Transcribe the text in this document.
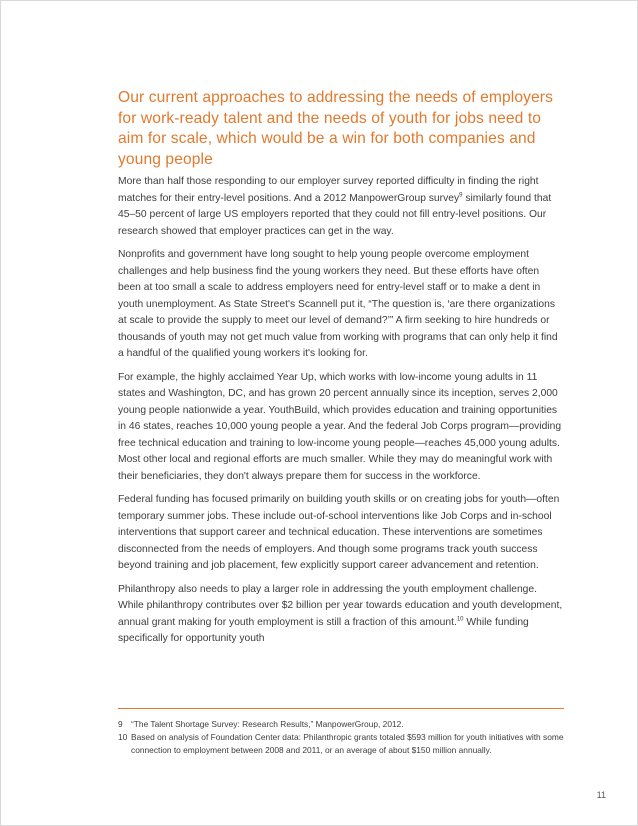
Our current approaches to addressing the needs of employers for work-ready talent and the needs of youth for jobs need to aim for scale, which would be a win for both companies and young people

More than half those responding to our employer survey reported difficulty in finding the right matches for their entry-level positions. And a 2012 ManpowerGroup survey$^9$ similarly found that 45–50 percent of large US employers reported that they could not fill entry-level positions. Our research showed that employer practices can get in the way.

Nonprofits and government have long sought to help young people overcome employment challenges and help business find the young workers they need. But these efforts have often been at too small a scale to address employers need for entry-level staff or to make a dent in youth unemployment. As State Street's Scannell put it, “The question is, ‘are there organizations at scale to provide the supply to meet our level of demand?’” A firm seeking to hire hundreds or thousands of youth may not get much value from working with programs that can only help it find a handful of the qualified young workers it's looking for.

For example, the highly acclaimed Year Up, which works with low-income young adults in 11 states and Washington, DC, and has grown 20 percent annually since its inception, serves 2,000 young people nationwide a year. YouthBuild, which provides education and training opportunities in 46 states, reaches 10,000 young people a year. And the federal Job Corps program—providing free technical education and training to low-income young people—reaches 45,000 young adults. Most other local and regional efforts are much smaller. While they may do meaningful work with their beneficiaries, they don't always prepare them for success in the workforce.

Federal funding has focused primarily on building youth skills or on creating jobs for youth—often temporary summer jobs. These include out-of-school interventions like Job Corps and in-school interventions that support career and technical education. These interventions are sometimes disconnected from the needs of employers. And though some programs track youth success beyond training and job placement, few explicitly support career advancement and retention.

Philanthropy also needs to play a larger role in addressing the youth employment challenge. While philanthropy contributes over $2 billion per year towards education and youth development, annual grant making for youth employment is still a fraction of this amount.$^{10}$ While funding specifically for opportunity youth

9 “The Talent Shortage Survey: Research Results,” ManpowerGroup, 2012.
10 Based on analysis of Foundation Center data: Philanthropic grants totaled $593 million for youth initiatives with some connection to employment between 2008 and 2011, or an average of about $150 million annually.
11
